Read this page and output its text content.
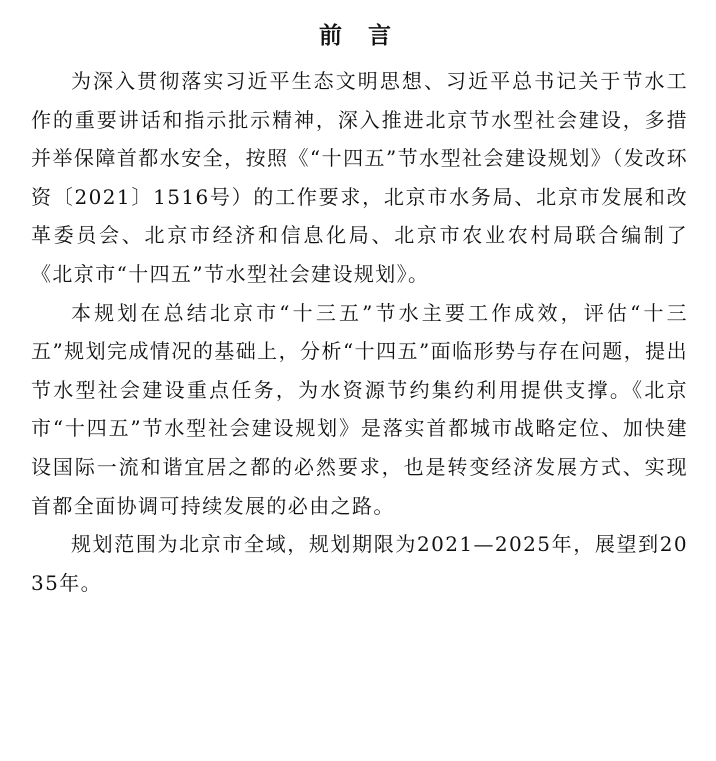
前 言

为深入贯彻落实习近平生态文明思想、习近平总书记关于节水工作的重要讲话和指示批示精神，深入推进北京节水型社会建设，多措并举保障首都水安全，按照《“十四五”节水型社会建设规划》（发改环资〔2021〕1516号）的工作要求，北京市水务局、北京市发展和改革委员会、北京市经济和信息化局、北京市农业农村局联合编制了《北京市“十四五”节水型社会建设规划》。

本规划在总结北京市“十三五”节水主要工作成效，评估“十三五”规划完成情况的基础上，分析“十四五”面临形势与存在问题，提出节水型社会建设重点任务，为水资源节约集约利用提供支撑。《北京市“十四五”节水型社会建设规划》是落实首都城市战略定位、加快建设国际一流和谐宜居之都的必然要求，也是转变经济发展方式、实现首都全面协调可持续发展的必由之路。

规划范围为北京市全域，规划期限为2021—2025年，展望到2035年。
